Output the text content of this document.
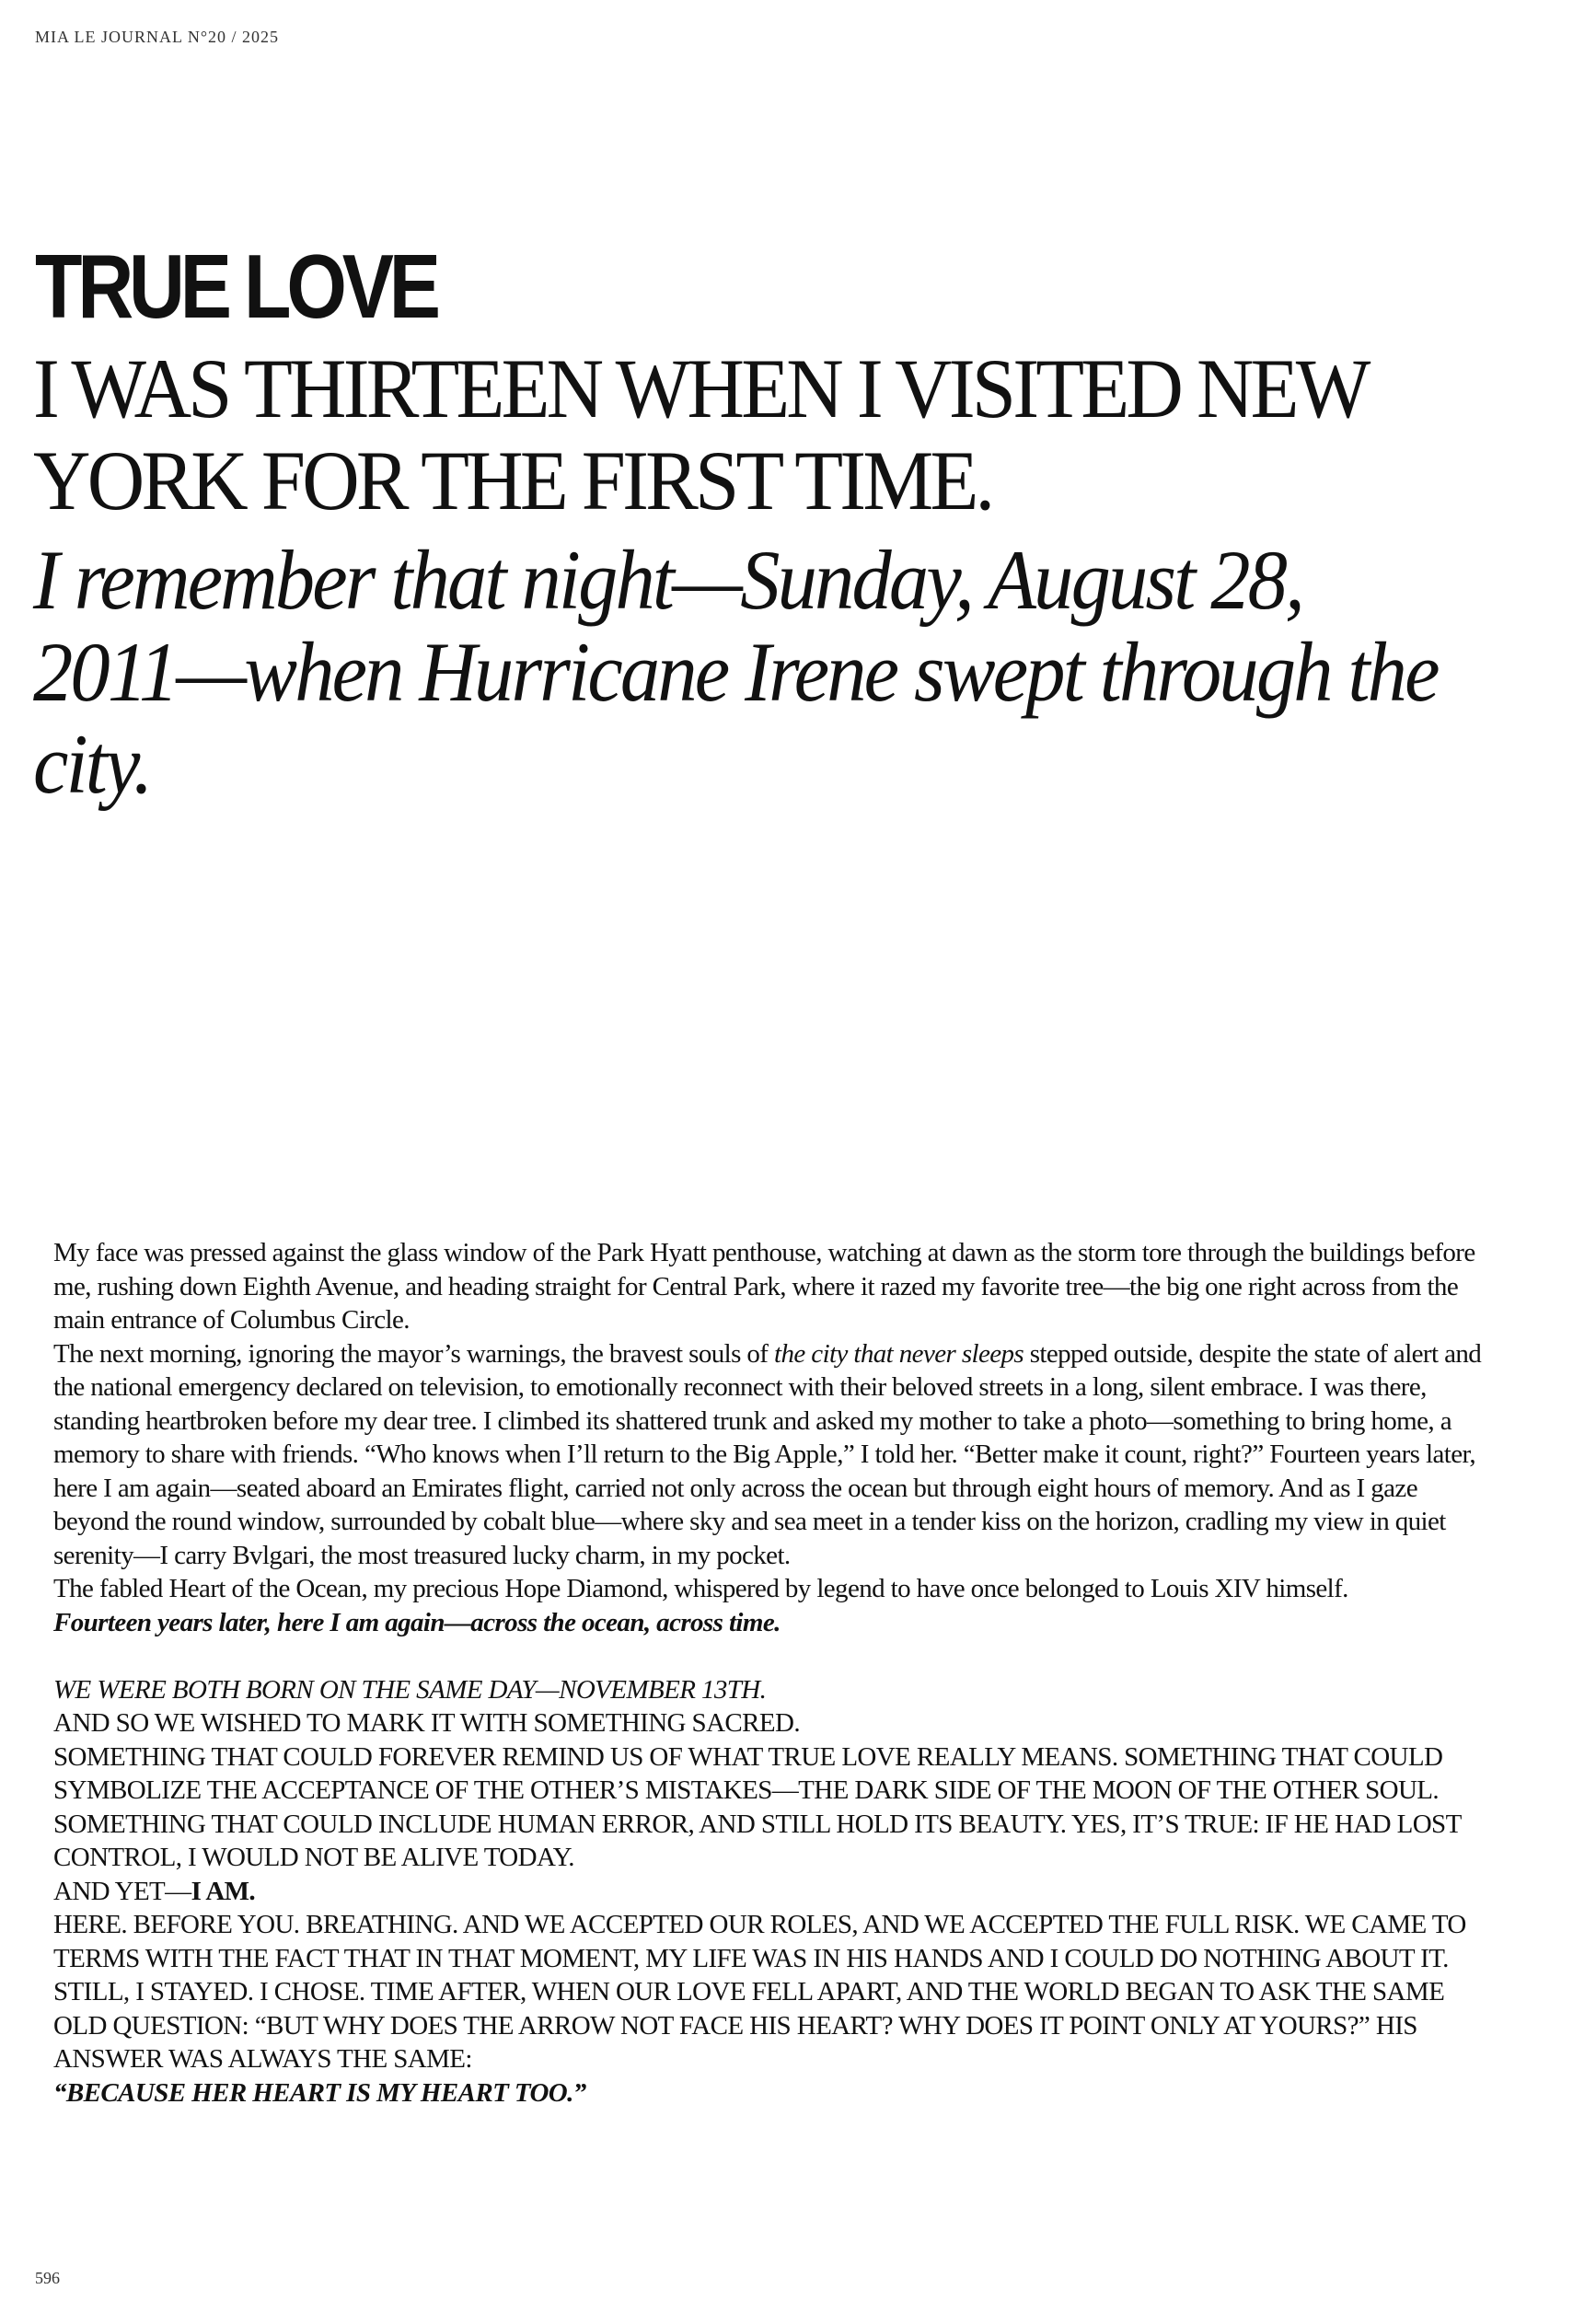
MIA LE JOURNAL N°20 / 2025
TRUE LOVE
I WAS THIRTEEN WHEN I VISITED NEW YORK FOR THE FIRST TIME.
I remember that night—Sunday, August 28, 2011—when Hurricane Irene swept through the city.

My face was pressed against the glass window of the Park Hyatt penthouse, watching at dawn as the storm tore through the buildings before me, rushing down Eighth Avenue, and heading straight for Central Park, where it razed my favorite tree—the big one right across from the main entrance of Columbus Circle.

The next morning, ignoring the mayor’s warnings, the bravest souls of the city that never sleeps stepped outside, despite the state of alert and the national emergency declared on television, to emotionally reconnect with their beloved streets in a long, silent embrace. I was there, standing heartbroken before my dear tree. I climbed its shattered trunk and asked my mother to take a photo—something to bring home, a memory to share with friends. “Who knows when I’ll return to the Big Apple,” I told her. “Better make it count, right?” Fourteen years later, here I am again—seated aboard an Emirates flight, carried not only across the ocean but through eight hours of memory. And as I gaze beyond the round window, surrounded by cobalt blue—where sky and sea meet in a tender kiss on the horizon, cradling my view in quiet serenity—I carry Bvlgari, the most treasured lucky charm, in my pocket.

The fabled Heart of the Ocean, my precious Hope Diamond, whispered by legend to have once belonged to Louis XIV himself.

Fourteen years later, here I am again—across the ocean, across time.

WE WERE BOTH BORN ON THE SAME DAY—NOVEMBER 13TH.

AND SO WE WISHED TO MARK IT WITH SOMETHING SACRED.

SOMETHING THAT COULD FOREVER REMIND US OF WHAT TRUE LOVE REALLY MEANS. SOMETHING THAT COULD SYMBOLIZE THE ACCEPTANCE OF THE OTHER’S MISTAKES—THE DARK SIDE OF THE MOON OF THE OTHER SOUL. SOMETHING THAT COULD INCLUDE HUMAN ERROR, AND STILL HOLD ITS BEAUTY. YES, IT’S TRUE: IF HE HAD LOST CONTROL, I WOULD NOT BE ALIVE TODAY.

AND YET—I AM.

HERE. BEFORE YOU. BREATHING. AND WE ACCEPTED OUR ROLES, AND WE ACCEPTED THE FULL RISK. WE CAME TO TERMS WITH THE FACT THAT IN THAT MOMENT, MY LIFE WAS IN HIS HANDS AND I COULD DO NOTHING ABOUT IT. STILL, I STAYED. I CHOSE. TIME AFTER, WHEN OUR LOVE FELL APART, AND THE WORLD BEGAN TO ASK THE SAME OLD QUESTION: “BUT WHY DOES THE ARROW NOT FACE HIS HEART? WHY DOES IT POINT ONLY AT YOURS?” HIS ANSWER WAS ALWAYS THE SAME:

“BECAUSE HER HEART IS MY HEART TOO.”

596
